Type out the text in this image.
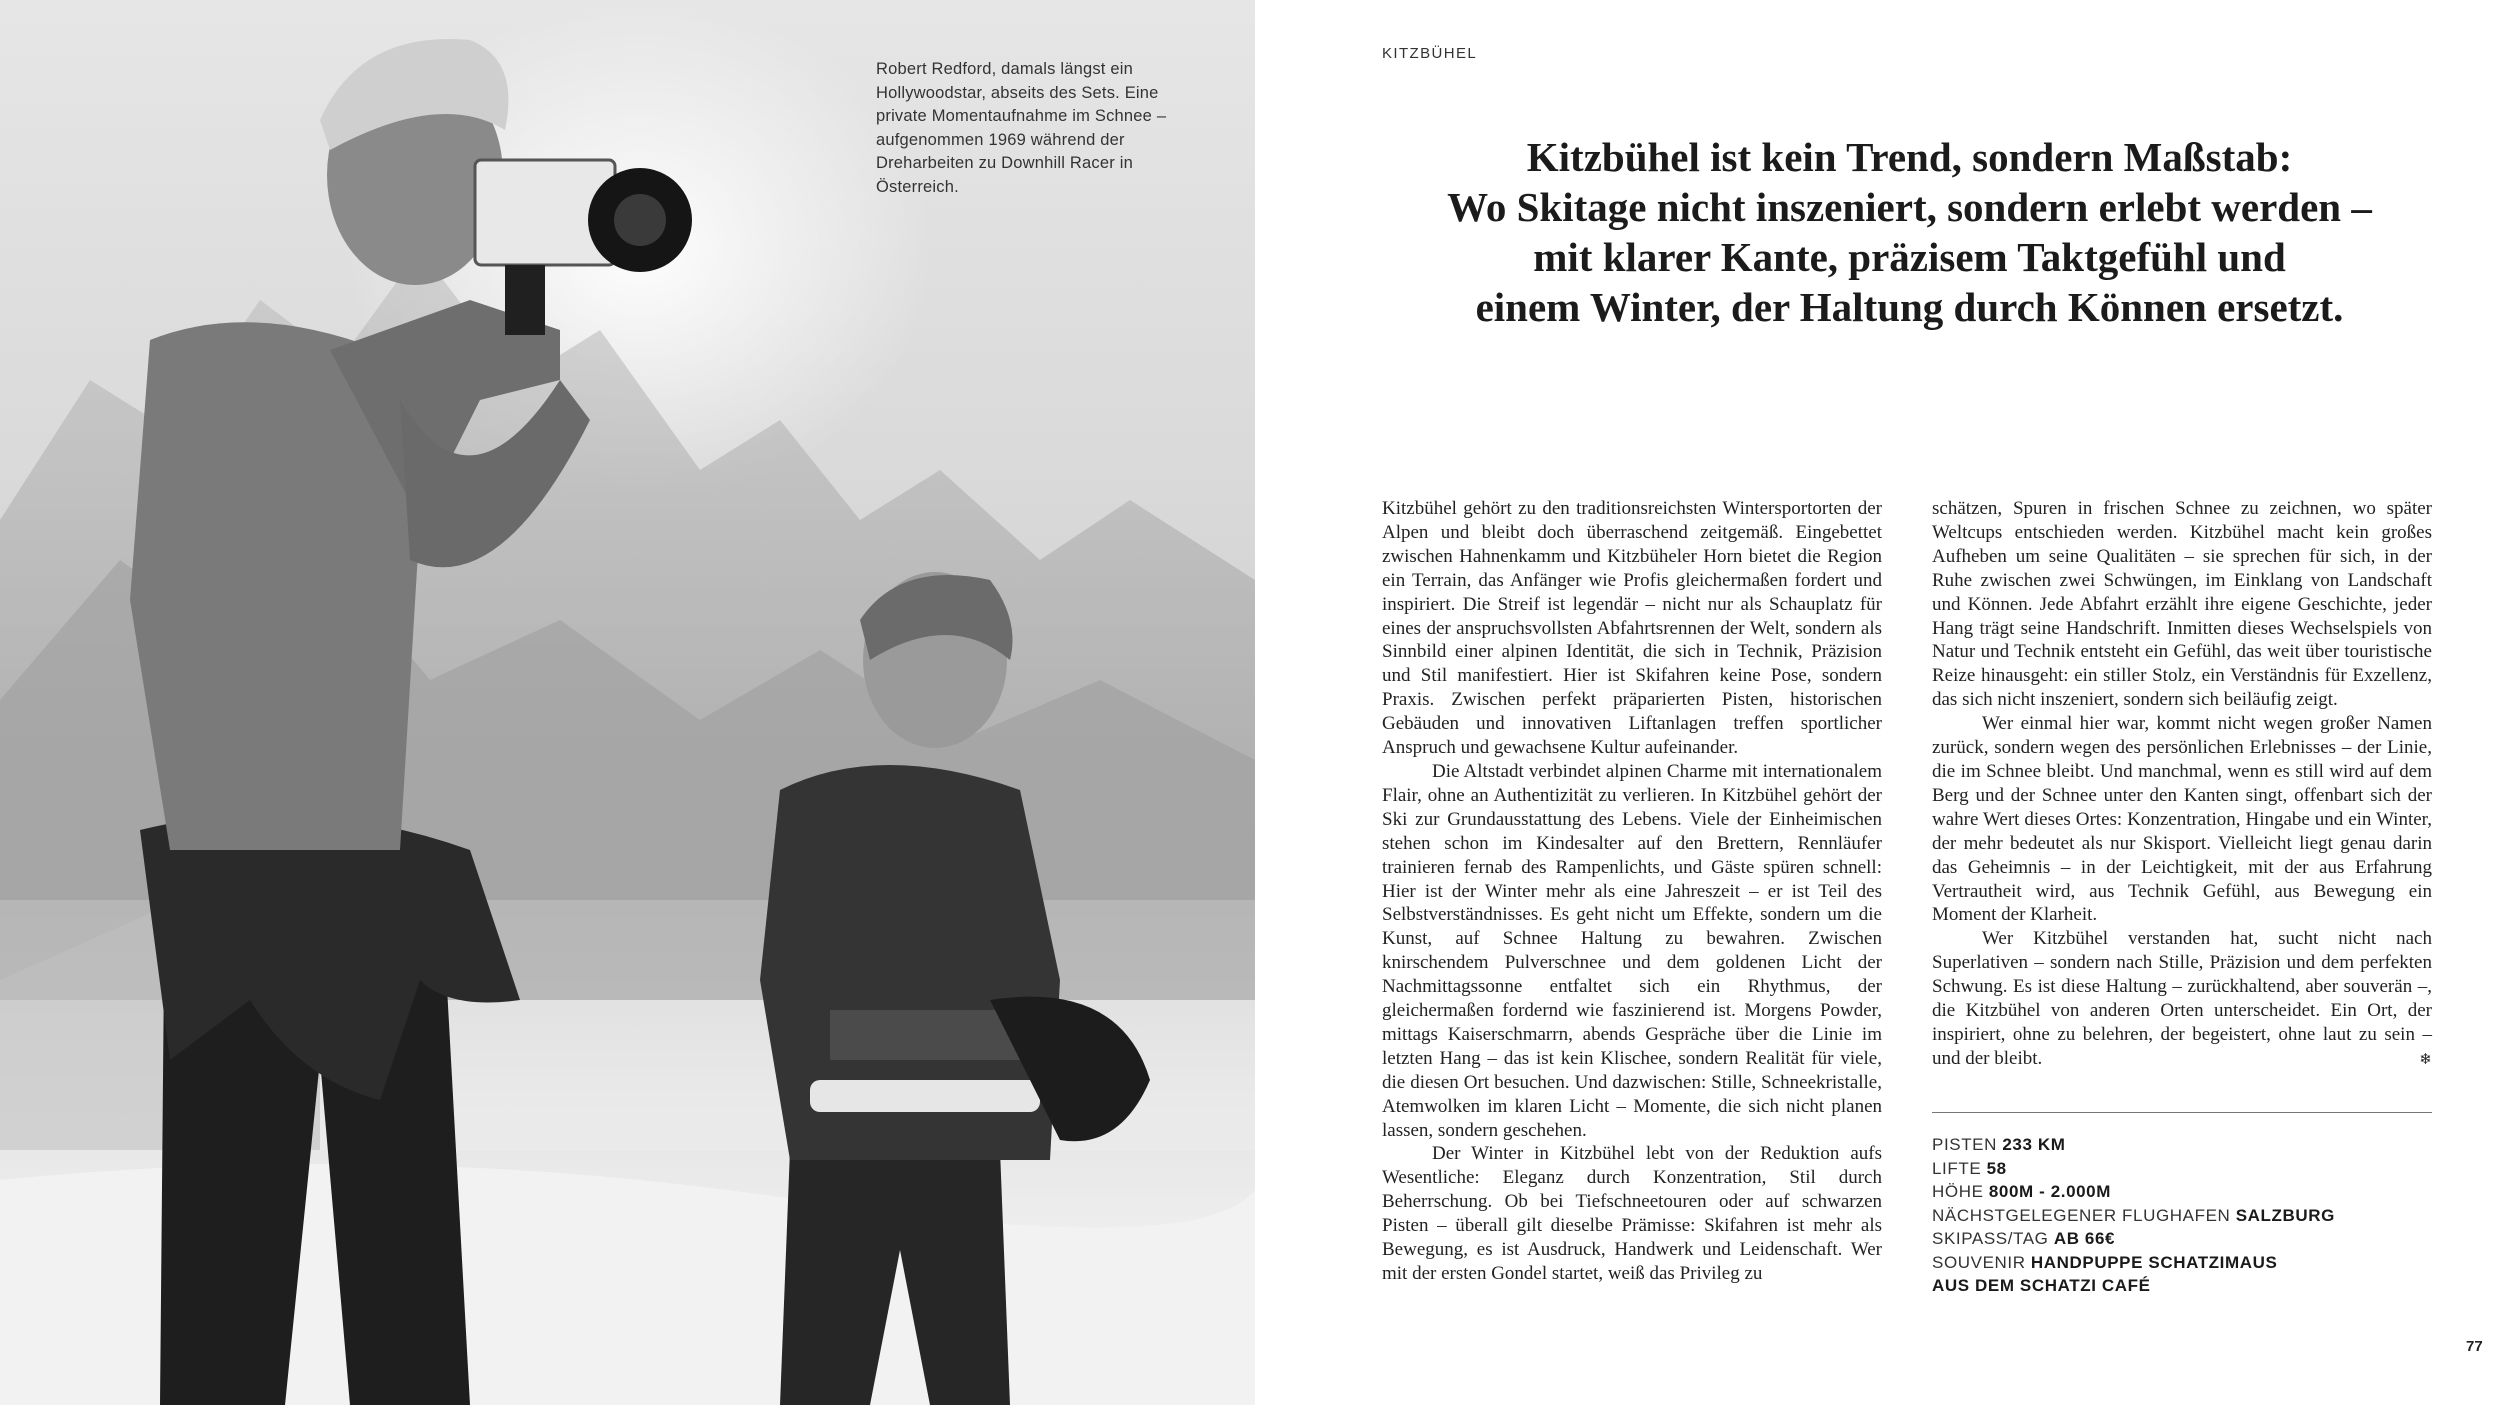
Robert Redford, damals längst ein Hollywoodstar, abseits des Sets. Eine private Momentaufnahme im Schnee – aufgenommen 1969 während der Dreharbeiten zu Downhill Racer in Österreich.
KITZBÜHEL
Kitzbühel ist kein Trend, sondern Maßstab:
Wo Skitage nicht inszeniert, sondern erlebt werden –
mit klarer Kante, präzisem Taktgefühl und
einem Winter, der Haltung durch Können ersetzt.

Kitzbühel gehört zu den traditionsreichsten Wintersportorten der Alpen und bleibt doch überraschend zeitgemäß. Eingebettet zwischen Hahnenkamm und Kitzbüheler Horn bietet die Region ein Terrain, das Anfänger wie Profis gleichermaßen fordert und inspiriert. Die Streif ist legendär – nicht nur als Schauplatz für eines der anspruchsvollsten Abfahrtsrennen der Welt, sondern als Sinnbild einer alpinen Identität, die sich in Technik, Präzision und Stil manifestiert. Hier ist Skifahren keine Pose, sondern Praxis. Zwischen perfekt präparierten Pisten, historischen Gebäuden und innovativen Liftanlagen treffen sportlicher Anspruch und gewachsene Kultur aufeinander.

Die Altstadt verbindet alpinen Charme mit internationalem Flair, ohne an Authentizität zu verlieren. In Kitzbühel gehört der Ski zur Grundausstattung des Lebens. Viele der Einheimischen stehen schon im Kindesalter auf den Brettern, Rennläufer trainieren fernab des Rampenlichts, und Gäste spüren schnell: Hier ist der Winter mehr als eine Jahreszeit – er ist Teil des Selbstverständnisses. Es geht nicht um Effekte, sondern um die Kunst, auf Schnee Haltung zu bewahren. Zwischen knirschendem Pulverschnee und dem goldenen Licht der Nachmittagssonne entfaltet sich ein Rhythmus, der gleichermaßen fordernd wie faszinierend ist. Morgens Powder, mittags Kaiserschmarrn, abends Gespräche über die Linie im letzten Hang – das ist kein Klischee, sondern Realität für viele, die diesen Ort besuchen. Und dazwischen: Stille, Schneekristalle, Atemwolken im klaren Licht – Momente, die sich nicht planen lassen, sondern geschehen.

Der Winter in Kitzbühel lebt von der Reduktion aufs Wesentliche: Eleganz durch Konzentration, Stil durch Beherrschung. Ob bei Tiefschneetouren oder auf schwarzen Pisten – überall gilt dieselbe Prämisse: Skifahren ist mehr als Bewegung, es ist Ausdruck, Handwerk und Leidenschaft. Wer mit der ersten Gondel startet, weiß das Privileg zu

schätzen, Spuren in frischen Schnee zu zeichnen, wo später Weltcups entschieden werden. Kitzbühel macht kein großes Aufheben um seine Qualitäten – sie sprechen für sich, in der Ruhe zwischen zwei Schwüngen, im Einklang von Landschaft und Können. Jede Abfahrt erzählt ihre eigene Geschichte, jeder Hang trägt seine Handschrift. Inmitten dieses Wechselspiels von Natur und Technik entsteht ein Gefühl, das weit über touristische Reize hinausgeht: ein stiller Stolz, ein Verständnis für Exzellenz, das sich nicht inszeniert, sondern sich beiläufig zeigt.

Wer einmal hier war, kommt nicht wegen großer Namen zurück, sondern wegen des persönlichen Erlebnisses – der Linie, die im Schnee bleibt. Und manchmal, wenn es still wird auf dem Berg und der Schnee unter den Kanten singt, offenbart sich der wahre Wert dieses Ortes: Konzentration, Hingabe und ein Winter, der mehr bedeutet als nur Skisport. Vielleicht liegt genau darin das Geheimnis – in der Leichtigkeit, mit der aus Erfahrung Vertrautheit wird, aus Technik Gefühl, aus Bewegung ein Moment der Klarheit.

Wer Kitzbühel verstanden hat, sucht nicht nach Superlativen – sondern nach Stille, Präzision und dem perfekten Schwung. Es ist diese Haltung – zurückhaltend, aber souverän –, die Kitzbühel von anderen Orten unterscheidet. Ein Ort, der inspiriert, ohne zu belehren, der begeistert, ohne laut zu sein – und der bleibt.	❄

PISTEN 233 KM
LIFTE 58
HÖHE 800M - 2.000M
NÄCHSTGELEGENER FLUGHAFEN SALZBURG
SKIPASS/TAG AB 66€
SOUVENIR HANDPUPPE SCHATZIMAUS
AUS DEM SCHATZI CAFÉ
77
